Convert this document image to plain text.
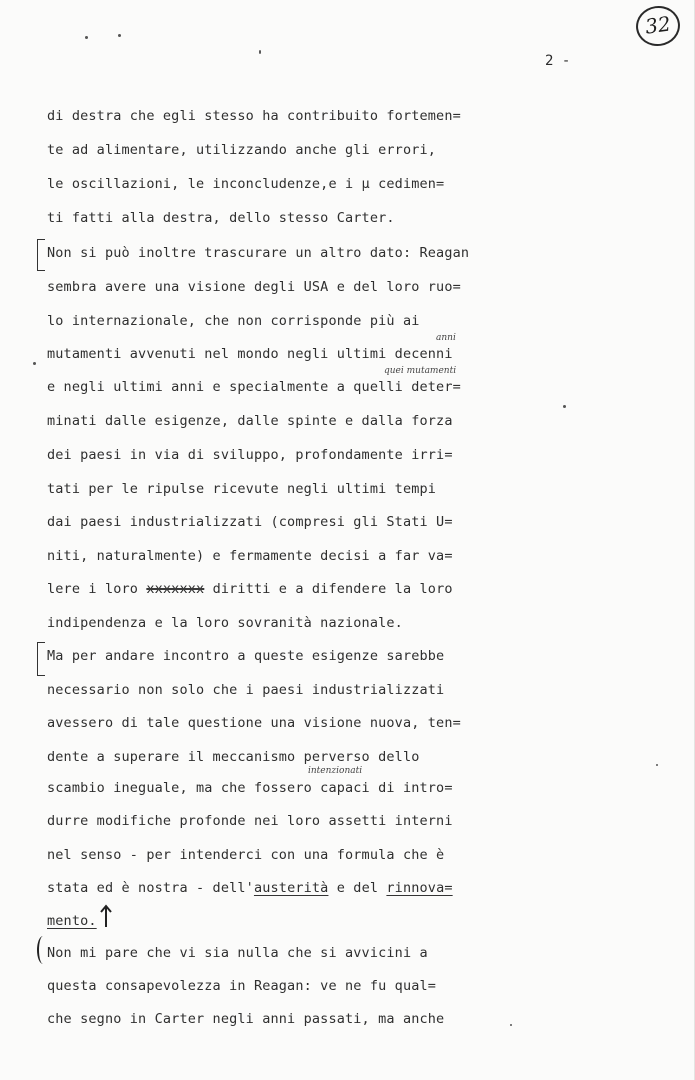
32
2 -
di destra che egli stesso ha contribuito fortemen=
te ad alimentare, utilizzando anche gli errori,
le oscillazioni, le inconcludenze,e i µ cedimen=
ti fatti alla destra, dello stesso Carter.
Non si può inoltre trascurare un altro dato: Reagan
sembra avere una visione degli USA e del loro ruo=
lo internazionale, che non corrisponde più ai
anni
mutamenti avvenuti nel mondo negli ultimi decenni
quei mutamenti
e negli ultimi anni e specialmente a quelli deter=
minati dalle esigenze, dalle spinte e dalla forza
dei paesi in via di sviluppo, profondamente irri=
tati per le ripulse ricevute negli ultimi tempi
dai paesi industrializzati (compresi gli Stati U=
niti, naturalmente) e fermamente decisi a far va=
lere i loro xxxxxxx diritti e a difendere la loro
indipendenza e la loro sovranità nazionale.
Ma per andare incontro a queste esigenze sarebbe
necessario non solo che i paesi industrializzati
avessero di tale questione una visione nuova, ten=
dente a superare il meccanismo perverso dello
intenzionati
scambio ineguale, ma che fossero capaci di intro=
durre modifiche profonde nei loro assetti interni
nel senso - per intenderci con una formula che è
stata ed è nostra - dell'austerità e del rinnova=
mento.
Non mi pare che vi sia nulla che si avvicini a
questa consapevolezza in Reagan: ve ne fu qual=
che segno in Carter negli anni passati, ma anche
